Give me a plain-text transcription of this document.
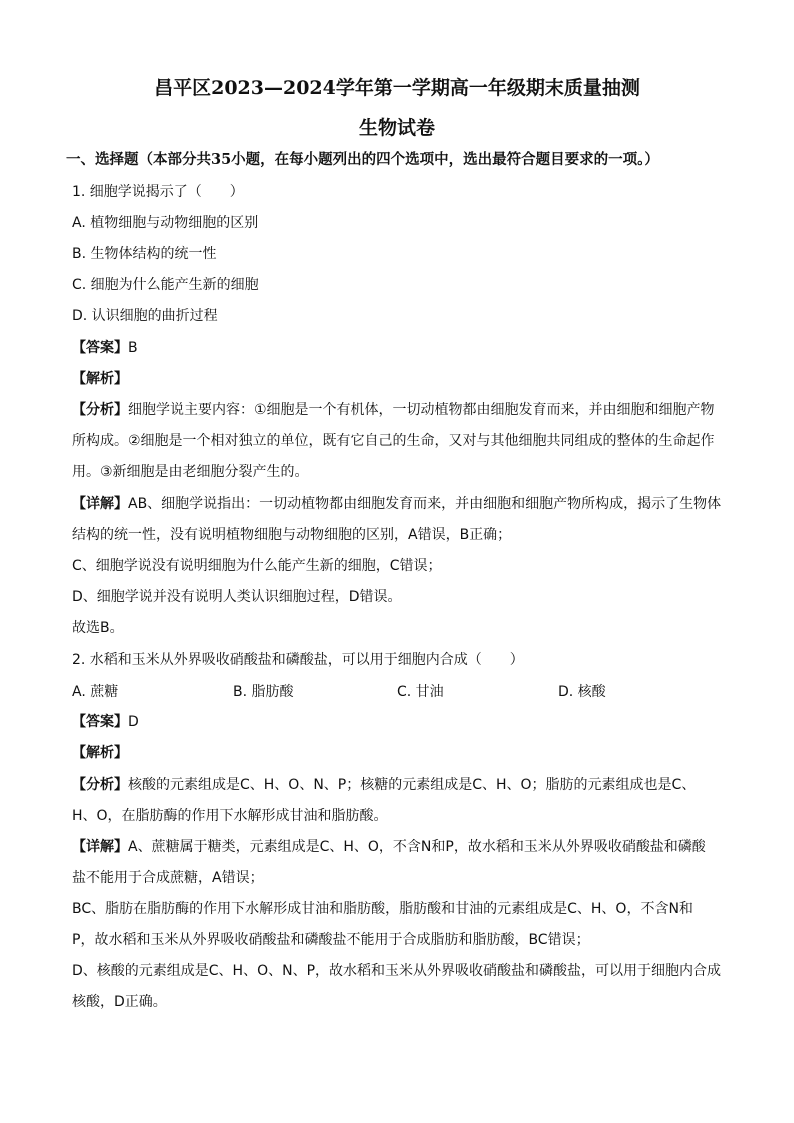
昌平区2023—2024学年第一学期高一年级期末质量抽测
生物试卷
一、选择题（本部分共35小题，在每小题列出的四个选项中，选出最符合题目要求的一项。）
1. 细胞学说揭示了（　　）
A. 植物细胞与动物细胞的区别
B. 生物体结构的统一性
C. 细胞为什么能产生新的细胞
D. 认识细胞的曲折过程
【答案】B
【解析】
【分析】细胞学说主要内容：①细胞是一个有机体，一切动植物都由细胞发育而来，并由细胞和细胞产物
所构成。②细胞是一个相对独立的单位，既有它自己的生命，又对与其他细胞共同组成的整体的生命起作
用。③新细胞是由老细胞分裂产生的。
【详解】AB、细胞学说指出：一切动植物都由细胞发育而来，并由细胞和细胞产物所构成，揭示了生物体
结构的统一性，没有说明植物细胞与动物细胞的区别，A错误，B正确；
C、细胞学说没有说明细胞为什么能产生新的细胞，C错误；
D、细胞学说并没有说明人类认识细胞过程，D错误。
故选B。
2. 水稻和玉米从外界吸收硝酸盐和磷酸盐，可以用于细胞内合成（　　）
A. 蔗糖	B. 脂肪酸	C. 甘油	D. 核酸
【答案】D
【解析】
【分析】核酸的元素组成是C、H、O、N、P；核糖的元素组成是C、H、O；脂肪的元素组成也是C、
H、O，在脂肪酶的作用下水解形成甘油和脂肪酸。
【详解】A、蔗糖属于糖类，元素组成是C、H、O，不含N和P，故水稻和玉米从外界吸收硝酸盐和磷酸
盐不能用于合成蔗糖，A错误；
BC、脂肪在脂肪酶的作用下水解形成甘油和脂肪酸，脂肪酸和甘油的元素组成是C、H、O，不含N和
P，故水稻和玉米从外界吸收硝酸盐和磷酸盐不能用于合成脂肪和脂肪酸，BC错误；
D、核酸的元素组成是C、H、O、N、P，故水稻和玉米从外界吸收硝酸盐和磷酸盐，可以用于细胞内合成
核酸，D正确。
